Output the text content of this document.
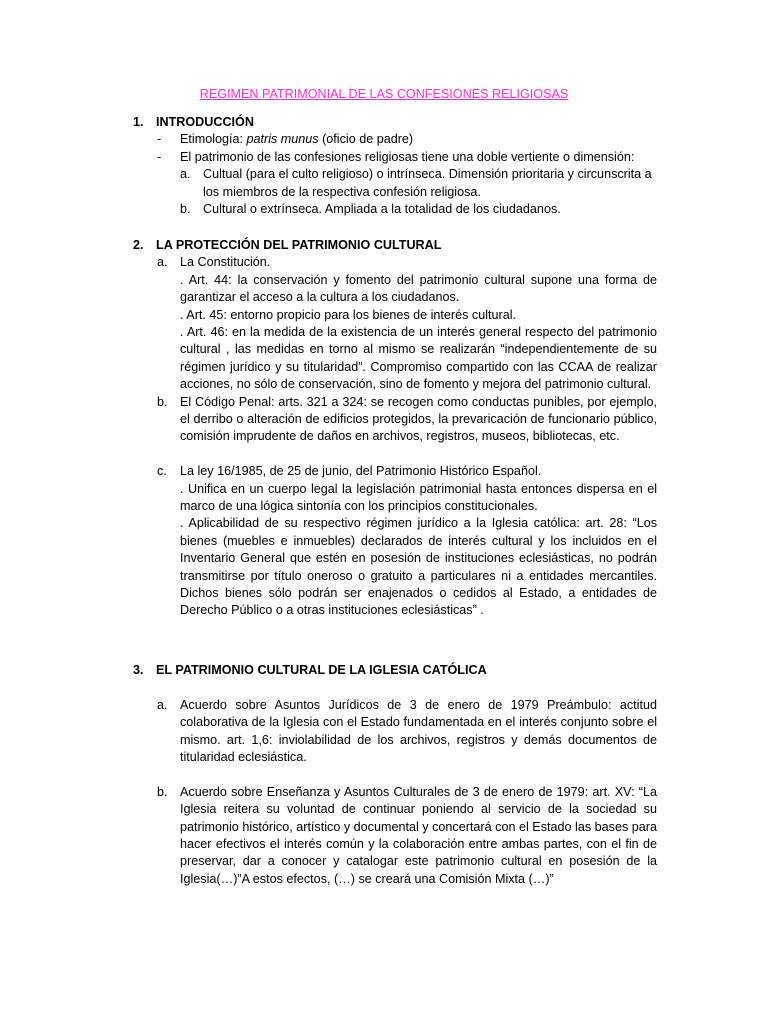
REGIMEN PATRIMONIAL DE LAS CONFESIONES RELIGIOSAS
1. INTRODUCCIÓN
- Etimología: patris munus (oficio de padre)
- El patrimonio de las confesiones religiosas tiene una doble vertiente o dimensión:
a. Cultual (para el culto religioso) o intrínseca. Dimensión prioritaria y circunscrita a los miembros de la respectiva confesión religiosa.
b. Cultural o extrínseca. Ampliada a la totalidad de los ciudadanos.
2. LA PROTECCIÓN DEL PATRIMONIO CULTURAL
a. La Constitución.

. Art. 44: la conservación y fomento del patrimonio cultural supone una forma de garantizar el acceso a la cultura a los ciudadanos.

. Art. 45: entorno propicio para los bienes de interés cultural.

. Art. 46: en la medida de la existencia de un interés general respecto del patrimonio cultural , las medidas en torno al mismo se realizarán “independientemente de su régimen jurídico y su titularidad”. Compromiso compartido con las CCAA de realizar acciones, no sólo de conservación, sino de fomento y mejora del patrimonio cultural.

b. El Código Penal: arts. 321 a 324: se recogen como conductas punibles, por ejemplo, el derribo o alteración de edificios protegidos, la prevaricación de funcionario público, comisión imprudente de daños en archivos, registros, museos, bibliotecas, etc.
c. La ley 16/1985, de 25 de junio, del Patrimonio Histórico Español.

. Unifica en un cuerpo legal la legislación patrimonial hasta entonces dispersa en el marco de una lógica sintonía con los principios constitucionales.

. Aplicabilidad de su respectivo régimen jurídico a la Iglesia católica: art. 28: “Los bienes (muebles e inmuebles) declarados de interés cultural y los incluidos en el Inventario General que estén en posesión de instituciones eclesiásticas, no podrán transmitirse por título oneroso o gratuito a particulares ni a entidades mercantiles. Dichos bienes sólo podrán ser enajenados o cedidos al Estado, a entidades de Derecho Público o a otras instituciones eclesiásticas” .

3. EL PATRIMONIO CULTURAL DE LA IGLESIA CATÓLICA
a. Acuerdo sobre Asuntos Jurídicos de 3 de enero de 1979 Preámbulo: actitud colaborativa de la Iglesia con el Estado fundamentada en el interés conjunto sobre el mismo. art. 1,6: inviolabilidad de los archivos, registros y demás documentos de titularidad eclesiástica.
b. Acuerdo sobre Enseñanza y Asuntos Culturales de 3 de enero de 1979: art. XV: “La Iglesia reitera su voluntad de continuar poniendo al servicio de la sociedad su patrimonio histórico, artístico y documental y concertará con el Estado las bases para hacer efectivos el interés común y la colaboración entre ambas partes, con el fin de preservar, dar a conocer y catalogar este patrimonio cultural en posesión de la Iglesia(…)”A estos efectos, (…) se creará una Comisión Mixta (…)”
